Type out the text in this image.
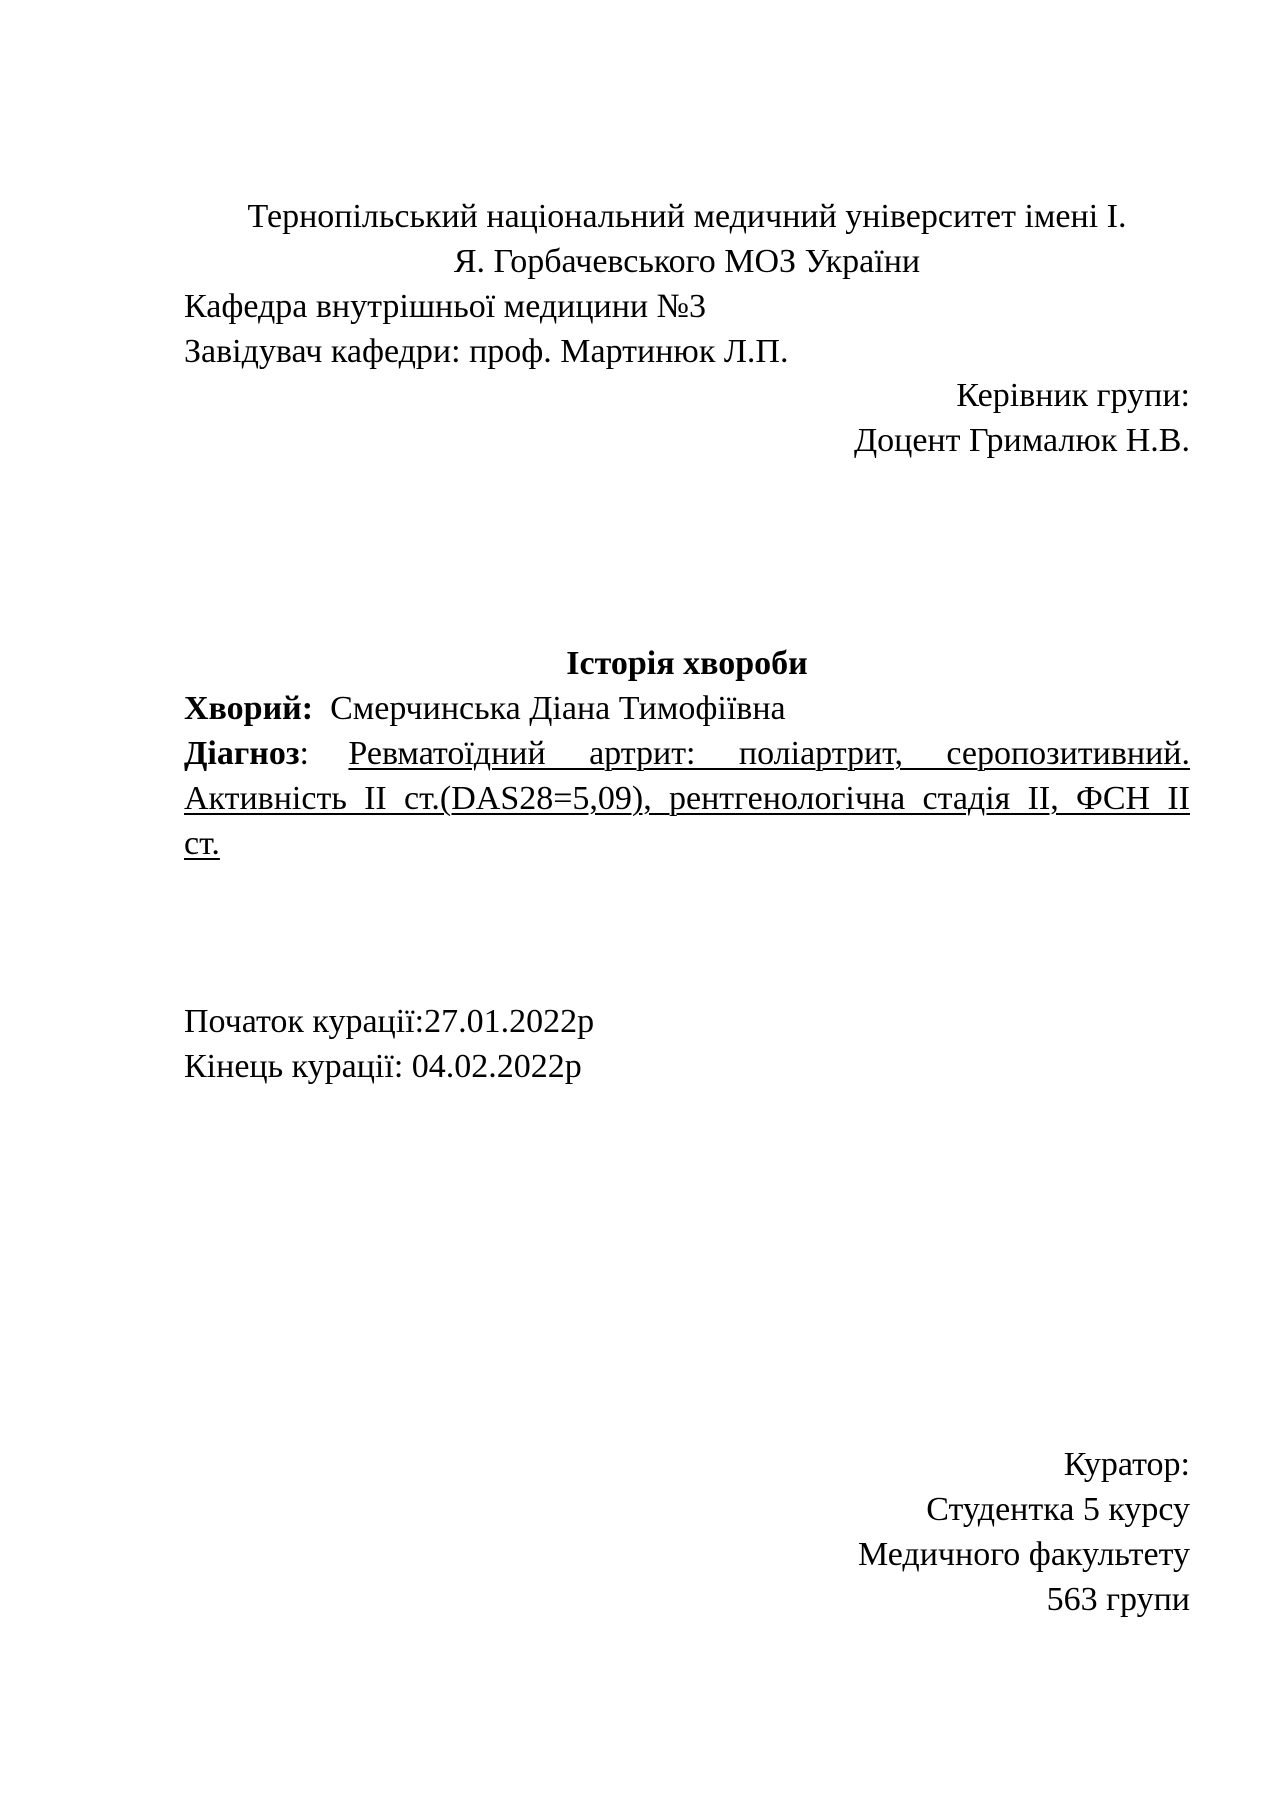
Тернопільський національний медичний університет імені І.
Я. Горбачевського МОЗ України
Кафедра внутрішньої медицини №3
Завідувач кафедри: проф. Мартинюк Л.П.
Керівник групи:
Доцент Грималюк Н.В.
Історія хвороби
Хворий: Смерчинська Діана Тимофіївна
Діагноз: Ревматоїдний артрит: поліартрит, серопозитивний. Активність ІІ ст.(DAS28=5,09), рентгенологічна стадія ІІ, ФСН ІІ ст.
Початок курації:27.01.2022р
Кінець курації: 04.02.2022р
Куратор:
Студентка 5 курсу
Медичного факультету
563 групи
